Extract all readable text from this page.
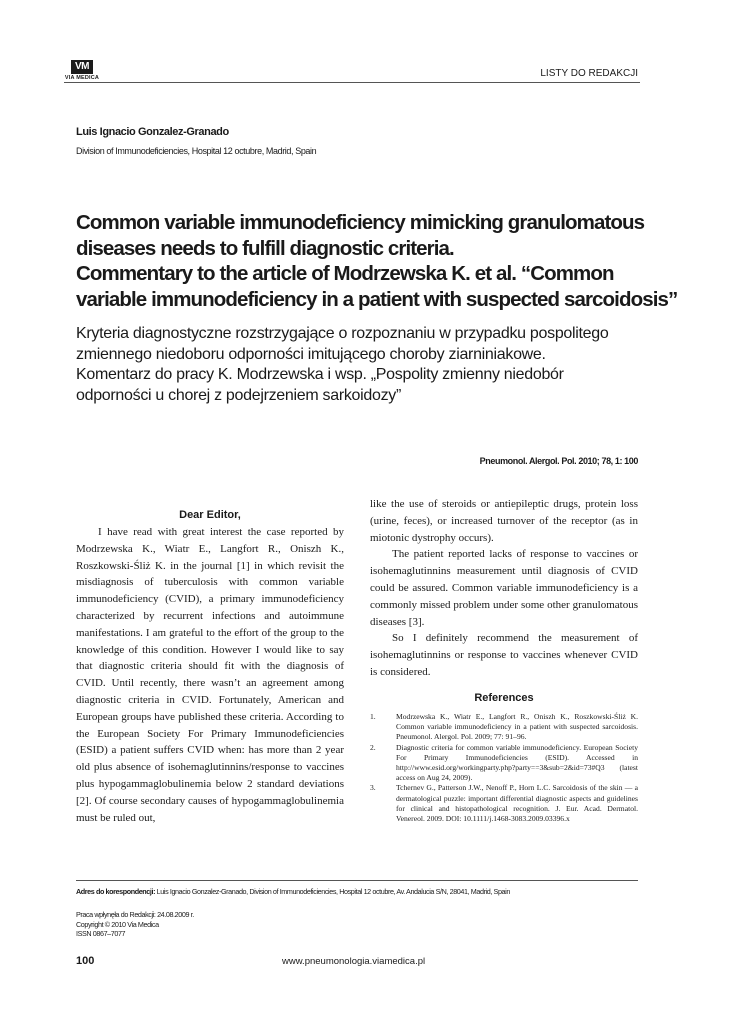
VM
VIA MEDICA	LISTY DO REDAKCJI
Luis Ignacio Gonzalez-Granado
Division of Immunodeficiencies, Hospital 12 octubre, Madrid, Spain
Common variable immunodeficiency mimicking granulomatous
diseases needs to fulfill diagnostic criteria.
Commentary to the article of Modrzewska K. et al. “Common
variable immunodeficiency in a patient with suspected sarcoidosis”
Kryteria diagnostyczne rozstrzygające o rozpoznaniu w przypadku pospolitego
zmiennego niedoboru odporności imitującego choroby ziarniniakowe.
Komentarz do pracy K. Modrzewska i wsp. „Pospolity zmienny niedobór
odporności u chorej z podejrzeniem sarkoidozy”
Pneumonol. Alergol. Pol. 2010; 78, 1: 100
Dear Editor,

I have read with great interest the case reported by Modrzewska K., Wiatr E., Langfort R., Oniszh K., Roszkowski-Śliż K. in the journal [1] in which revisit the misdiagnosis of tuberculosis with common variable immunodeficiency (CVID), a primary immunodeficiency characterized by recurrent infections and autoimmune manifestations. I am grateful to the effort of the group to the knowledge of this condition. However I would like to say that diagnostic criteria should fit with the diagnosis of CVID. Until recently, there wasn’t an agreement among diagnostic criteria in CVID. Fortunately, American and European groups have published these criteria. According to the European Society For Primary Immunodeficiencies (ESID) a patient suffers CVID when: has more than 2 year old plus absence of isohemaglutinnins/response to vaccines plus hypogammaglobulinemia below 2 standard deviations [2]. Of course secondary causes of hypogammaglobulinemia must be ruled out,

like the use of steroids or antiepileptic drugs, protein loss (urine, feces), or increased turnover of the receptor (as in miotonic dystrophy occurs).

The patient reported lacks of response to vaccines or isohemaglutinnins measurement until diagnosis of CVID could be assured. Common variable immunodeficiency is a commonly missed problem under some other granulomatous diseases [3].

So I definitely recommend the measurement of isohemaglutinnins or response to vaccines whenever CVID is considered.

References
1.	Modrzewska K., Wiatr E., Langfort R., Oniszh K., Roszkowski-Śliż K. Common variable immunodeficiency in a patient with suspected sarcoidosis. Pneumonol. Alergol. Pol. 2009; 77: 91–96.
2.	Diagnostic criteria for common variable immunodeficiency. European Society For Primary Immunodeficiencies (ESID). Accessed in http://www.esid.org/workingparty.php?party==3&sub=2&id=73#Q3 (latest access on Aug 24, 2009).
3.	Tchernev G., Patterson J.W., Nenoff P., Horn L.C. Sarcoidosis of the skin — a dermatological puzzle: important differential diagnostic aspects and guidelines for clinical and histopathological recognition. J. Eur. Acad. Dermatol. Venereol. 2009. DOI: 10.1111/j.1468-3083.2009.03396.x
Adres do korespondencji: Luis Ignacio Gonzalez-Granado, Division of Immunodeficiencies, Hospital 12 octubre, Av. Andalucia S/N, 28041, Madrid, Spain
Praca wpłynęła do Redakcji: 24.08.2009 r.
Copyright © 2010 Via Medica
ISSN 0867–7077
100	www.pneumonologia.viamedica.pl
